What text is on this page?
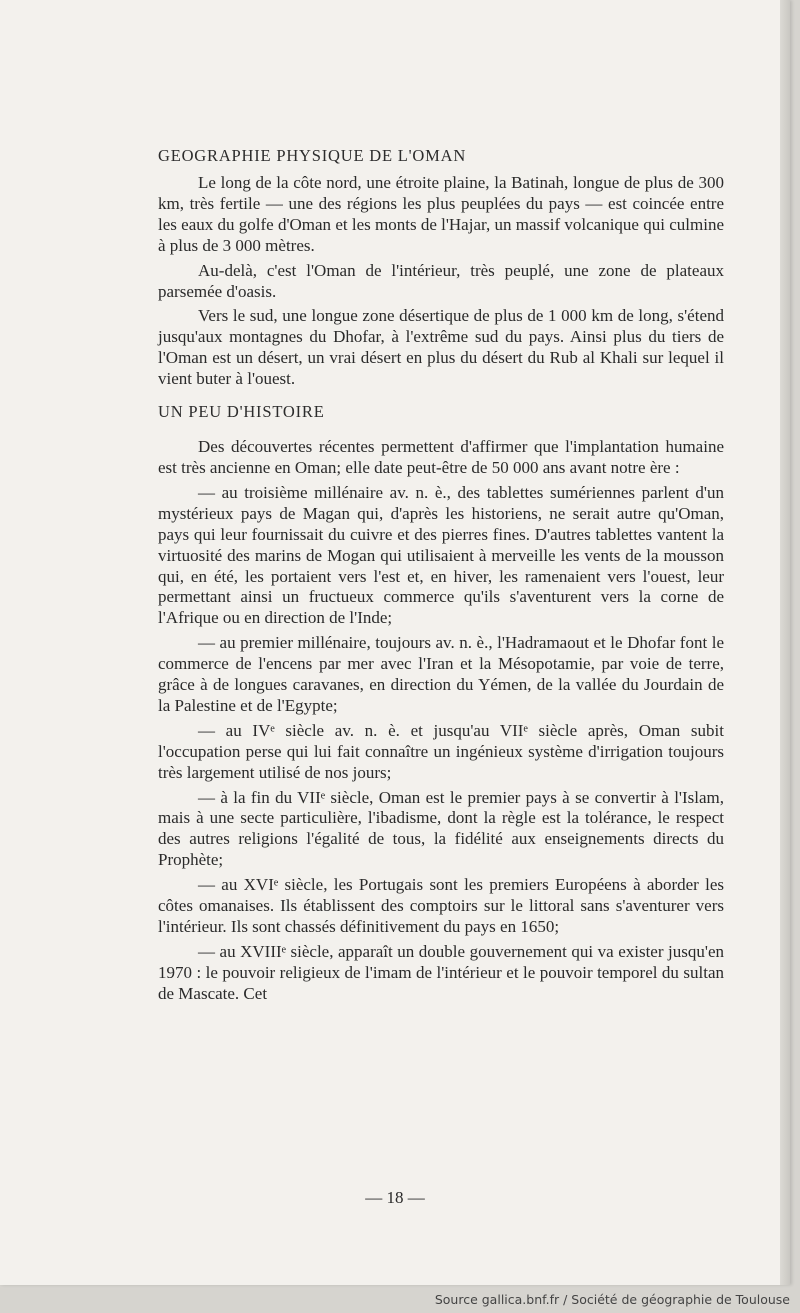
GEOGRAPHIE PHYSIQUE DE L'OMAN

Le long de la côte nord, une étroite plaine, la Batinah, longue de plus de 300 km, très fertile — une des régions les plus peuplées du pays — est coincée entre les eaux du golfe d'Oman et les monts de l'Hajar, un massif volcanique qui culmine à plus de 3 000 mètres.

Au-delà, c'est l'Oman de l'intérieur, très peuplé, une zone de plateaux parsemée d'oasis.

Vers le sud, une longue zone désertique de plus de 1 000 km de long, s'étend jusqu'aux montagnes du Dhofar, à l'extrême sud du pays. Ainsi plus du tiers de l'Oman est un désert, un vrai désert en plus du désert du Rub al Khali sur lequel il vient buter à l'ouest.

UN PEU D'HISTOIRE

Des découvertes récentes permettent d'affirmer que l'implantation humaine est très ancienne en Oman; elle date peut-être de 50 000 ans avant notre ère :

— au troisième millénaire av. n. è., des tablettes sumériennes parlent d'un mystérieux pays de Magan qui, d'après les historiens, ne serait autre qu'Oman, pays qui leur fournissait du cuivre et des pierres fines. D'autres tablettes vantent la virtuosité des marins de Mogan qui utilisaient à merveille les vents de la mousson qui, en été, les portaient vers l'est et, en hiver, les ramenaient vers l'ouest, leur permettant ainsi un fructueux commerce qu'ils s'aventurent vers la corne de l'Afrique ou en direction de l'Inde;

— au premier millénaire, toujours av. n. è., l'Hadramaout et le Dhofar font le commerce de l'encens par mer avec l'Iran et la Mésopotamie, par voie de terre, grâce à de longues caravanes, en direction du Yémen, de la vallée du Jourdain de la Palestine et de l'Egypte;

— au IVᵉ siècle av. n. è. et jusqu'au VIIᵉ siècle après, Oman subit l'occupation perse qui lui fait connaître un ingénieux système d'irrigation toujours très largement utilisé de nos jours;

— à la fin du VIIᵉ siècle, Oman est le premier pays à se convertir à l'Islam, mais à une secte particulière, l'ibadisme, dont la règle est la tolérance, le respect des autres religions l'égalité de tous, la fidélité aux enseignements directs du Prophète;

— au XVIᵉ siècle, les Portugais sont les premiers Européens à aborder les côtes omanaises. Ils établissent des comptoirs sur le littoral sans s'aventurer vers l'intérieur. Ils sont chassés définitivement du pays en 1650;

— au XVIIIᵉ siècle, apparaît un double gouvernement qui va exister jusqu'en 1970 : le pouvoir religieux de l'imam de l'intérieur et le pouvoir temporel du sultan de Mascate. Cet

— 18 —
Source gallica.bnf.fr / Société de géographie de Toulouse
